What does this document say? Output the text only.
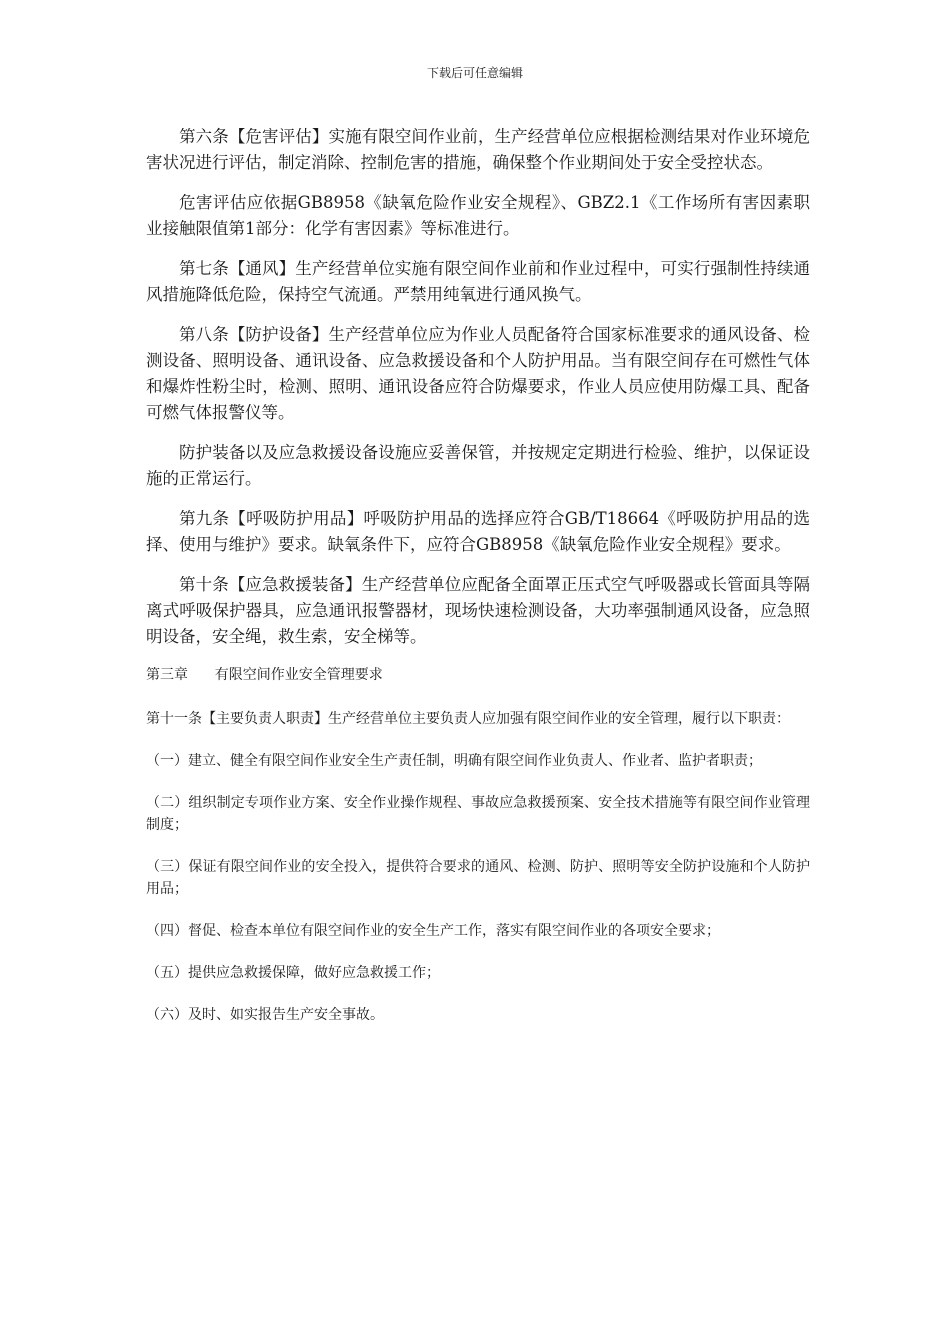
下载后可任意编辑

第六条【危害评估】实施有限空间作业前，生产经营单位应根据检测结果对作业环境危害状况进行评估，制定消除、控制危害的措施，确保整个作业期间处于安全受控状态。

危害评估应依据GB8958《缺氧危险作业安全规程》、GBZ2.1《工作场所有害因素职业接触限值第1部分：化学有害因素》等标准进行。

第七条【通风】生产经营单位实施有限空间作业前和作业过程中，可实行强制性持续通风措施降低危险，保持空气流通。严禁用纯氧进行通风换气。

第八条【防护设备】生产经营单位应为作业人员配备符合国家标准要求的通风设备、检测设备、照明设备、通讯设备、应急救援设备和个人防护用品。当有限空间存在可燃性气体和爆炸性粉尘时，检测、照明、通讯设备应符合防爆要求，作业人员应使用防爆工具、配备可燃气体报警仪等。

防护装备以及应急救援设备设施应妥善保管，并按规定定期进行检验、维护，以保证设施的正常运行。

第九条【呼吸防护用品】呼吸防护用品的选择应符合GB/T18664《呼吸防护用品的选择、使用与维护》要求。缺氧条件下，应符合GB8958《缺氧危险作业安全规程》要求。

第十条【应急救援装备】生产经营单位应配备全面罩正压式空气呼吸器或长管面具等隔离式呼吸保护器具，应急通讯报警器材，现场快速检测设备，大功率强制通风设备，应急照明设备，安全绳，救生索，安全梯等。

第三章 有限空间作业安全管理要求

第十一条【主要负责人职责】生产经营单位主要负责人应加强有限空间作业的安全管理，履行以下职责：

（一）建立、健全有限空间作业安全生产责任制，明确有限空间作业负责人、作业者、监护者职责；

（二）组织制定专项作业方案、安全作业操作规程、事故应急救援预案、安全技术措施等有限空间作业管理制度；

（三）保证有限空间作业的安全投入，提供符合要求的通风、检测、防护、照明等安全防护设施和个人防护用品；

（四）督促、检查本单位有限空间作业的安全生产工作，落实有限空间作业的各项安全要求；

（五）提供应急救援保障，做好应急救援工作；

（六）及时、如实报告生产安全事故。
